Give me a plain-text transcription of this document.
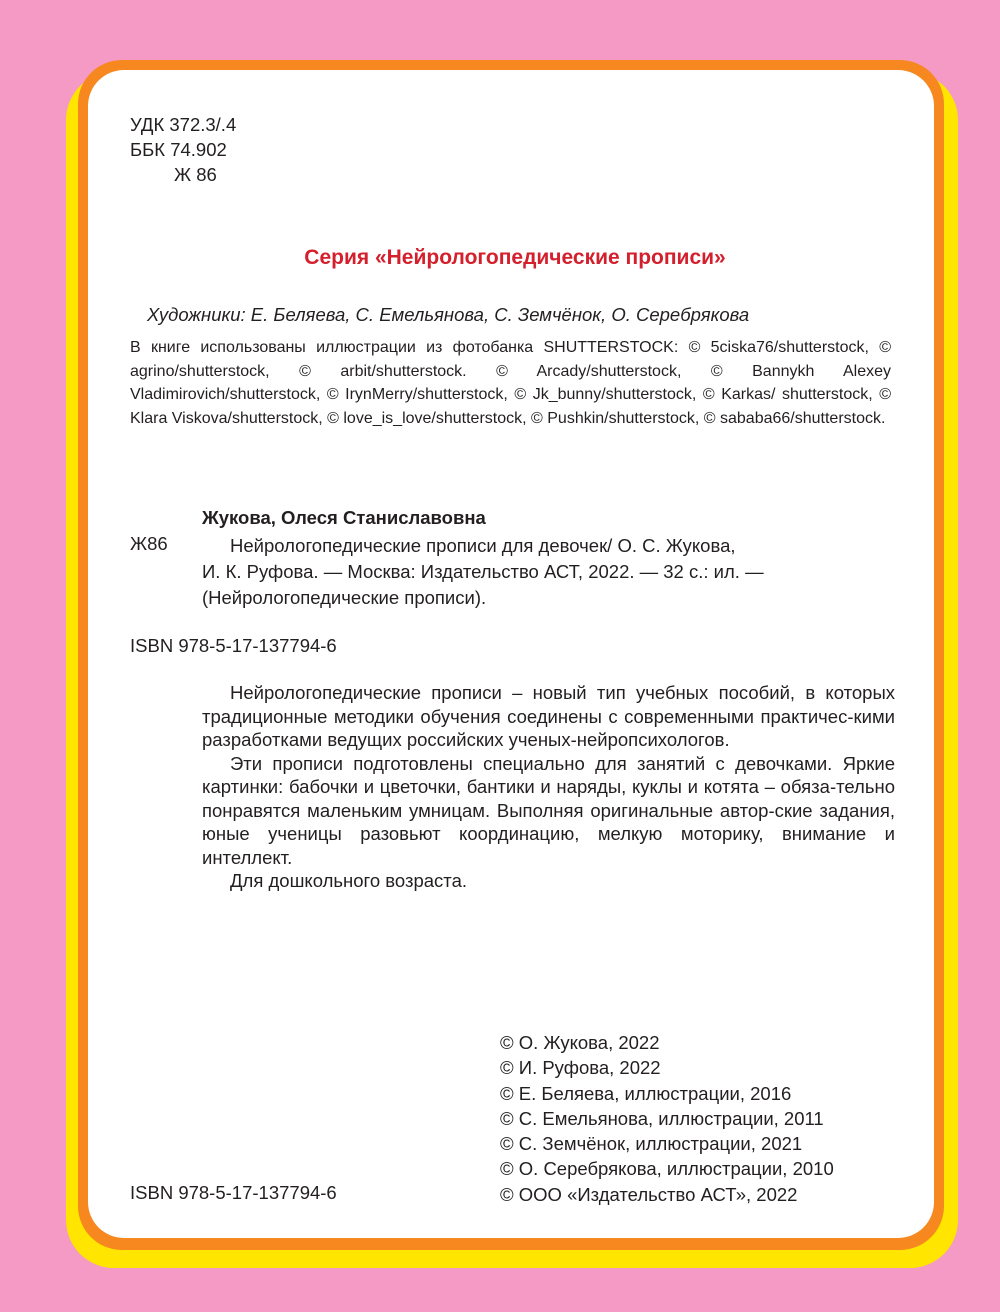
УДК 372.3/.4
ББК 74.902
Ж 86
Серия «Нейрологопедические прописи»
Художники: Е. Беляева, С. Емельянова, С. Земчёнок, О. Серебрякова
В книге использованы иллюстрации из фотобанка SHUTTERSTOCK: © 5ciska76/shutterstock, © agrino/shutterstock, © arbit/shutterstock. © Arcady/shutterstock, © Bannykh Alexey Vladimirovich/shutterstock, © IrynMerry/shutterstock, © Jk_bunny/shutterstock, © Karkas/ shutterstock, © Klara Viskova/shutterstock, © love_is_love/shutterstock, © Pushkin/shutterstock, © sababa66/shutterstock.
Жукова, Олеся Станиславовна
Ж86	Нейрологопедические прописи для девочек/ О. С. Жукова,
И. К. Руфова. — Москва: Издательство АСТ, 2022. — 32 с.: ил. —
(Нейрологопедические прописи).
ISBN 978-5-17-137794-6

Нейрологопедические прописи – новый тип учебных пособий, в которых традиционные методики обучения соединены с современными практичес-кими разработками ведущих российских ученых-нейропсихологов.

Эти прописи подготовлены специально для занятий с девочками. Яркие картинки: бабочки и цветочки, бантики и наряды, куклы и котята – обяза-тельно понравятся маленьким умницам. Выполняя оригинальные автор-ские задания, юные ученицы разовьют координацию, мелкую моторику, внимание и интеллект.

Для дошкольного возраста.

© О. Жукова, 2022
© И. Руфова, 2022
© Е. Беляева, иллюстрации, 2016
© С. Емельянова, иллюстрации, 2011
© С. Земчёнок, иллюстрации, 2021
© О. Серебрякова, иллюстрации, 2010
© ООО «Издательство АСТ», 2022
ISBN 978-5-17-137794-6
